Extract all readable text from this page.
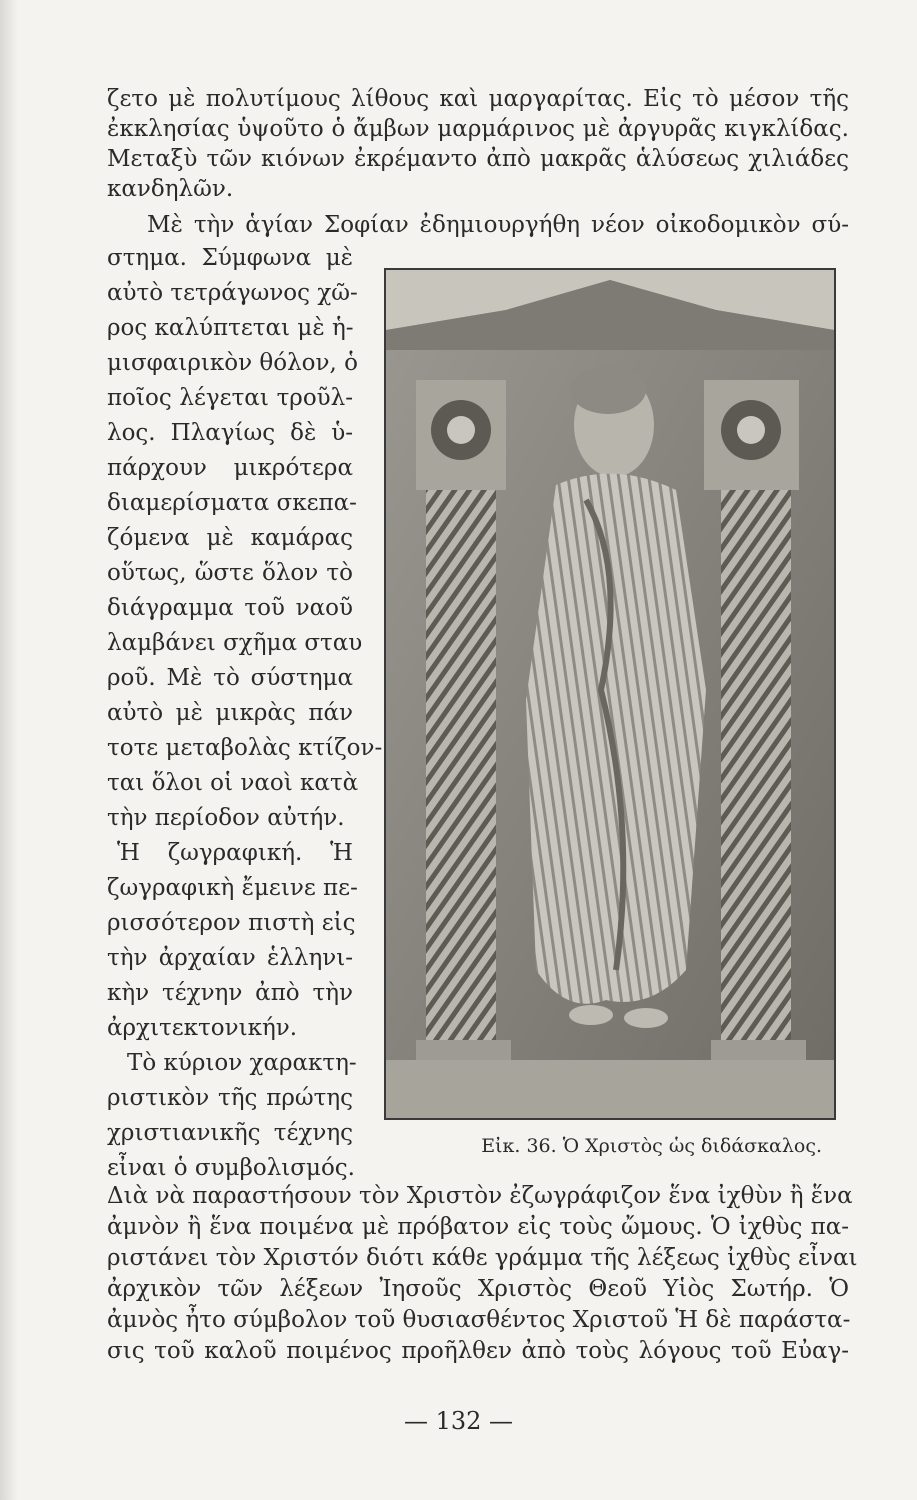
ζετο μὲ πολυτίμους λίθους καὶ μαργαρίτας. Εἰς τὸ μέσον τῆς
ἐκκλησίας ὑψοῦτο ὁ ἄμβων μαρμάρινος μὲ ἀργυρᾶς κιγκλίδας.
Μεταξὺ τῶν κιόνων ἐκρέμαντο ἀπὸ μακρᾶς ἁλύσεως χιλιάδες
κανδηλῶν.
Μὲ τὴν ἁγίαν Σοφίαν ἐδημιουργήθη νέον οἰκοδομικὸν σύ-
στημα. Σύμφωνα μὲ
αὐτὸ τετράγωνος χῶ-
ρος καλύπτεται μὲ ἡ-
μισφαιρικὸν θόλον, ὁ
ποῖος λέγεται τροῦλ-
λος. Πλαγίως δὲ ὑ-
πάρχουν μικρότερα
διαμερίσματα σκεπα-
ζόμενα μὲ καμάρας
οὕτως, ὥστε ὅλον τὸ
διάγραμμα τοῦ ναοῦ
λαμβάνει σχῆμα σταυ
ροῦ. Μὲ τὸ σύστημα
αὐτὸ μὲ μικρὰς πάν
τοτε μεταβολὰς κτίζον-
ται ὅλοι οἱ ναοὶ κατὰ
τὴν περίοδον αὐτήν.
Ἡ ζωγραφική. Ἡ
ζωγραφικὴ ἔμεινε πε-
ρισσότερον πιστὴ εἰς
τὴν ἀρχαίαν ἑλληνι-
κὴν τέχνην ἀπὸ τὴν
ἀρχιτεκτονικήν.
Τὸ κύριον χαρακτη-
ριστικὸν τῆς πρώτης
χριστιανικῆς τέχνης
εἶναι ὁ συμβολισμός.
Εἰκ. 36. Ὁ Χριστὸς ὡς διδάσκαλος.
Διὰ νὰ παραστήσουν τὸν Χριστὸν ἐζωγράφιζον ἕνα ἰχθὺν ἢ ἕνα
ἀμνὸν ἢ ἕνα ποιμένα μὲ πρόβατον εἰς τοὺς ὤμους. Ὁ ἰχθὺς πα-
ριστάνει τὸν Χριστόν διότι κάθε γράμμα τῆς λέξεως ἰχθὺς εἶναι
ἀρχικὸν τῶν λέξεων Ἰησοῦς Χριστὸς Θεοῦ Υἱὸς Σωτήρ. Ὁ
ἀμνὸς ἦτο σύμβολον τοῦ θυσιασθέντος Χριστοῦ Ἡ δὲ παράστα-
σις τοῦ καλοῦ ποιμένος προῆλθεν ἀπὸ τοὺς λόγους τοῦ Εὐαγ-
— 132 —
